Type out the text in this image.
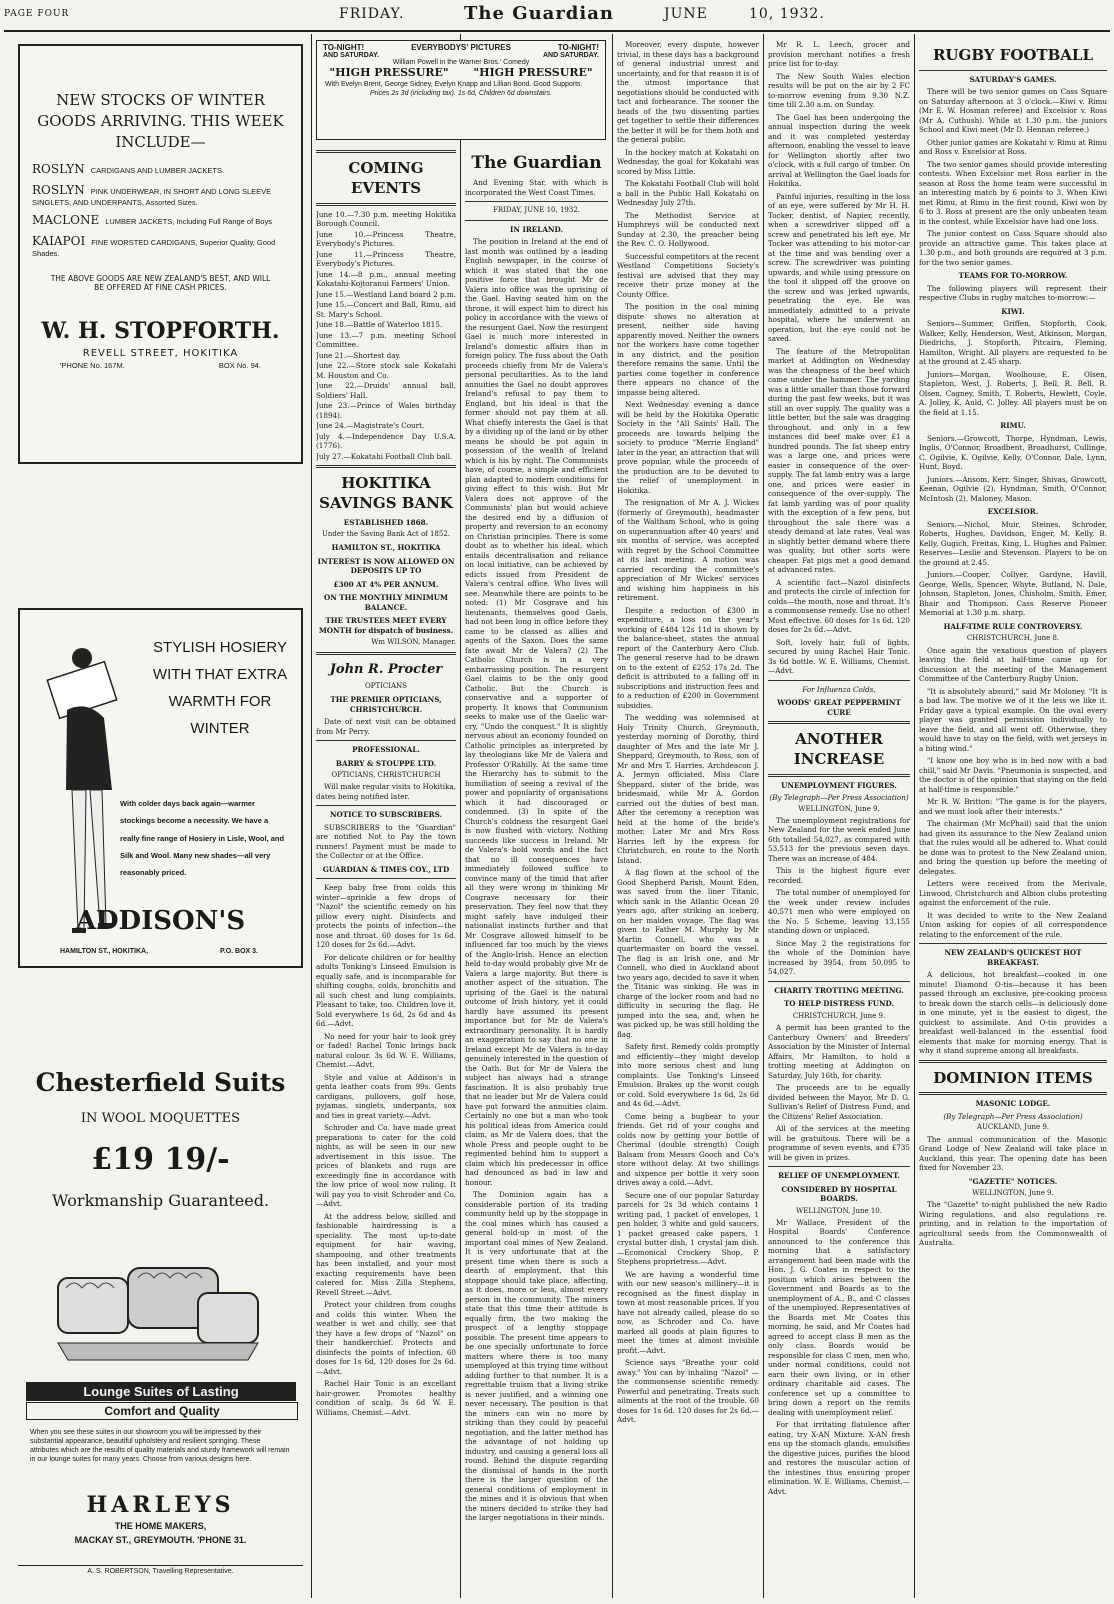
PAGE FOUR	FRIDAY.	The Guardian	JUNE	10, 1932.
NEW STOCKS OF WINTER
GOODS ARRIVING. THIS WEEK
INCLUDE—
ROSLYN CARDIGANS AND LUMBER JACKETS.
ROSLYN PINK UNDERWEAR, IN SHORT AND LONG SLEEVE SINGLETS, AND UNDERPANTS, Assorted Sizes.
MACLONE LUMBER JACKETS, Including Full Range of Boys
KAIAPOI FINE WORSTED CARDIGANS, Superior Quality, Good Shades.
THE ABOVE GOODS ARE NEW ZEALAND'S BEST, AND WILL
BE OFFERED AT FINE CASH PRICES.
W. H. STOPFORTH.
REVELL STREET, HOKITIKA
'PHONE No. 167M.	BOX No. 94.
STYLISH HOSIERY
WITH THAT EXTRA
WARMTH FOR
WINTER
With colder days back again—warmer stockings become a necessity. We have a really fine range of Hosiery in Lisle, Wool, and Silk and Wool. Many new shades—all very reasonably priced.
ADDISON'S
HAMILTON ST., HOKITIKA,	P.O. BOX 3.
Chesterfield Suits
IN WOOL MOQUETTES
£19 19/-
Workmanship Guaranteed.
Lounge Suites of Lasting
Comfort and Quality
When you see these suites in our showroom you will be impressed by their substantial appearance, beautiful upholstery and resilient springing. These attributes which are the results of quality materials and sturdy framework will remain in our lounge suites for many years. Choose from various designs here.
HARLEYS
THE HOME MAKERS,
MACKAY ST., GREYMOUTH. 'PHONE 31.
A. S. ROBERTSON, Travelling Representative.
TO-NIGHT!	EVERYBODYS' PICTURES	TO-NIGHT!
AND SATURDAY.	AND SATURDAY.
William Powell in the Warner Bros.' Comedy
"HIGH PRESSURE" "HIGH PRESSURE"
With Evelyn Brent, George Sidney, Evelyn Knapp and Lillian Bond. Good Supports.
Prices 2s 3d (including tax). 1s 6d, Children 6d downstairs.
COMING EVENTS
June 10.—7.30 p.m. meeting Hokitika Borough Council.
June 10.—Princess Theatre, Everybody's Pictures.
June 11.—Princess Theatre, Everybody's Pictures.
June 14.—8 p.m., annual meeting Kokatahi-Kojtoranui Farmers' Union.
June 15.—Westland Land board 2 p.m.
June 15.—Concert and Ball, Rimu, aid St. Mary's School.
June 18.—Battle of Waterloo 1815.
June 13.—7 p.m. meeting School Committee.
June 21.—Shortest day.
June 22.—Store stock sale Kokatahi M. Houston and Co.
June 22.—Druids' annual ball, Soldiers' Hall.
June 23.—Prince of Wales birthday (1894).
June 24.—Magistrate's Court.
July 4.—Independence Day U.S.A. (1776).
July 27.—Kokatahi Football Club ball.
HOKITIKA
SAVINGS BANK
ESTABLISHED 1868.
Under the Saving Bank Act of 1852.
HAMILTON ST., HOKITIKA
INTEREST IS NOW ALLOWED ON DEPOSITS UP TO
£300 AT 4% PER ANNUM.
ON THE MONTHLY MINIMUM BALANCE.
THE TRUSTEES MEET EVERY MONTH for dispatch of business.
Wm WILSON, Manager.
John R. Procter
OPTICIANS
THE PREMIER OPTICIANS, CHRISTCHURCH.

Date of next visit can be obtained from Mr Perry.

PROFESSIONAL.
BARRY & STOUPPE LTD.
OPTICIANS, CHRISTCHURCH

Will make regular visits to Hokitika, dates being notified later.

NOTICE TO SUBSCRIBERS.

SUBSCRIBERS to the "Guardian" are notified Not to Pay the town runners! Payment must be made to the Collector or at the Office.

GUARDIAN & TIMES COY., LTD

Keep baby free from colds this winter—sprinkle a few drops of "Nazol" the scientific remedy on his pillow every night. Disinfects and protects the points of infection—the nose and throat. 60 doses for 1s 6d. 120 doses for 2s 6d.—Advt.

For delicate children or for healthy adults Tonking's Linseed Emulsion is equally safe, and is incomparable for shifting coughs, colds, bronchitis and all such chest and lung complaints. Pleasant to take, too. Children love it. Sold everywhere 1s 6d, 2s 6d and 4s 6d.—Advt.

No need for your hair to look grey or faded! Rachel Tonic brings back natural colour. 3s 6d W. E. Williams, Chemist.—Advt.

Style and value at Addison's in genta leather coats from 99s. Gents cardigans, pullovers, golf hose, pyjamas, singlets, underpants, sox and ties in great variety.—Advt.

Schroder and Co. have made great preparations to cater for the cold nights, as will be seen in our new advertisement in this issue. The prices of blankets and rugs are exceedingly fine in accordance with the low price of wool now ruling. It will pay you to visit Schroder and Co.—Advt.

At the address below, skilled and fashionable hairdressing is a speciality. The most up-to-date equipment for hair waving, shampooing, and other treatments has been installed, and your most exacting requirements have been catered for. Miss Zilla Stephens, Revell Street.—Advt.

Protect your children from coughs and colds this winter. When the weather is wet and chilly, see that they have a few drops of "Nazol" on their handkerchief. Protects and disinfects the points of infection. 60 doses for 1s 6d, 120 doses for 2s 6d.—Advt.

Rachel Hair Tonic is an excellant hair-grower. Promotes healthy condition of scalp. 3s 6d W. E. Williams, Chemist.—Advt.

The Guardian

And Evening Star, with which is incorporated the West Coast Times.

FRIDAY, JUNE 10, 1932.
IN IRELAND.

The position in Ireland at the end of last month was outlined by a leading English newspaper, in the course of which it was stated that the one positive force that brought Mr de Valera into office was the uprising of the Gael. Having seated him on the throne, it will expect him to direct his policy in accordance with the views of the resurgent Gael. Now the resurgent Gael is much more interested in Ireland's domestic affairs than in foreign policy. The fuss about the Oath proceeds chiefly from Mr de Valera's personal peculiarities. As to the land annuities the Gael no doubt approves Ireland's refusal to pay them to England, but his ideal is that the former should not pay them at all. What chiefly interests the Gael is that by a dividing up of the land or by other means he should be put again in possession of the wealth of Ireland which is his by right. The Communists have, of course, a simple and efficient plan adapted to modern conditions for giving effect to this wish. But Mr Valera does not approve of the Communists' plan but would achieve the desired end by a diffusion of property and reversion to an economy on Christian principles. There is some doubt as to whether his ideal, which entails decentralisation and reliance on local initiative, can be achieved by edicts issued from President de Valera's central office. Who lives will see. Meanwhile there are points to be noted: (1) Mr Cosgrave and his lieutenants, themselves good Gaels, had not been long in office before they came to be classed as allies and agents of the Saxon. Does the same fate await Mr de Valera? (2) The Catholic Church is in a very embarrassing position. The resurgent Gael claims to be the only good Catholic. But the Church is conservative and a supporter of property. It knows that Communism seeks to make use of the Gaelic war-cry, "Undo the conquest." It is slightly nervous about an economy founded on Catholic principles as interpreted by lay theologians like Mr de Valera and Professor O'Rahilly. At the same time the Hierarchy has to submit to the humiliation of seeing a revival of the power and popularity of organisations which it had discouraged or condemned. (3) In spite of the Church's coldness the resurgent Gael is now flushed with victory. Nothing succeeds like success in Ireland. Mr de Valera's bold words and the fact that no ill consequences have immediately followed suffice to convince many of the timid that after all they were wrong in thinking Mr Cosgrave necessary for their preservation. They feel now that they might safely have indulged their nationalist instincts further and that Mr Cosgrave allowed himself to be influenced far too much by the views of the Anglo-Irish. Hence an election held to-day would probably give Mr de Valera a large majority. But there is another aspect of the situation. The uprising of the Gael is the natural outcome of Irish history, yet it could hardly have assumed its present importance but for Mr de Valera's extraordinary personality. It is hardly an exaggeration to say that no one in Ireland except Mr de Valera is to-day genuinely interested in the question of the Oath. But for Mr de Valera the subject has always had a strange fascination. It is also probably true that no leader but Mr de Valera could have put forward the annuities claim. Certainly no one but a man who took his political ideas from America could claim, as Mr de Valera does, that the whole Press and people ought to be regimented behind him to support a claim which his predecessor in office had denounced as bad in law and honour.

The Dominion again has a considerable portion of its trading community held up by the stoppage in the coal mines which has caused a general hold-up in most of the important coal mines of New Zealand. It is very unfortunate that at the present time when there is such a dearth of employment, that this stoppage should take place, affecting, as it does, more or less, almost every person in the community. The miners state that this time their attitude is equally firm, the two making the prospect of a lengthy stoppage possible. The present time appears to be one specially unfortunate to force matters where there is too many unemployed at this trying time without adding further to that number. It is a regrettable truism that a living strike is never justified, and a winning one never necessary. The position is that the miners can win no more by striking than they could by peaceful negotiation, and the latter method has the advantage of not holding up industry, and causing a general loss all round. Behind the dispute regarding the dismissal of hands in the north there is the larger question of the general conditions of employment in the mines and it is obvious that when the miners decided to strike they had the larger negotiations in their minds.

Moreover, every dispute, however trivial, in these days has a background of general industrial unrest and uncertainty, and for that reason it is of the utmost importance that negotiations should be conducted with tact and forbearance. The sooner the heads of the two dissenting parties get together to settle their differences the better it will be for them both and the general public.

In the hockey match at Kokatahi on Wednesday, the goal for Kokatahi was scored by Miss Little.

The Kokatahi Football Club will hold a ball in the Public Hall Kokatahi on Wednesday July 27th.

The Methodist Service at Humphreys will be conducted next Sunday at 2.30, the preacher being the Rev. C. O. Hollywood.

Successful competitors at the recent Westland Competitions Society's festival are advised that they may receive their prize money at the County Office.

The position in the coal mining dispute shows no alteration at present, neither side having apparently moved. Neither the owners nor the workers have come together in any district, and the position therefore remains the same. Until the parties come together in conference there appears no chance of the impasse being altered.

Next Wednesday evening a dance will be held by the Hokitika Operatic Society in the "All Saints' Hall. The proceeds are towards helping the society to produce "Merrie England" later in the year, an attraction that will prove popular, while the proceeds of the production are to be devoted to the relief of unemployment in Hokitika.

The resignation of Mr A. J. Wickes (formerly of Greymouth), headmaster of the Waltham School, who is going on superannuation after 40 years' and six months of service, was accepted with regret by the School Committee at its last meeting. A motion was carried recording the committee's appreciation of Mr Wickes' services and wishing him happiness in his retirement.

Despite a reduction of £300 in expenditure, a loss on the year's working of £484 12s 11d is shown by the balance-sheet, states the annual report of the Canterbury Aero Club. The general reserve had to be drawn on to the extent of £252 17s 2d. The deficit is attributed to a falling off in subscriptions and instruction fees and to a reduction of £200 in Government subsidies.

The wedding was solemnised at Holy Trinity Church, Greymouth, yesterday morning of Dorothy, third daughter of Mrs and the late Mr J. Sheppard, Greymouth, to Ross, son of Mr and Mrs T. Harries. Archdeacon J. A. Jermyn officiated. Miss Clare Sheppard, sister of the bride, was bridesmaid, while Mr A. Gordon carried out the duties of best man. After the ceremony a reception was held at the home of the bride's mother. Later Mr and Mrs Ross Harries left by the express for Christchurch, en route to the North Island.

A flag flown at the school of the Good Shepherd Parish, Mount Eden, was saved from the liner Titanic, which sank in the Atlantic Ocean 20 years ago, after striking an iceberg, on her maiden voyage. The flag was given to Father M. Murphy by Mr Martin Connell, who was a quartermaster on board the vessel. The flag is an Irish one, and Mr Connell, who died in Auckland about two years ago, decided to save it when the Titanic was sinking. He was in charge of the locker room and had no difficulty in securing the flag. He jumped into the sea, and, when he was picked up, he was still holding the flag.

Safety first. Remedy colds promptly and efficiently—they might develop into more serious chest and lung complaints. Use Tonking's Linseed Emulsion. Brakes up the worst cough or cold. Sold everywhere 1s 6d, 2s 6d and 4s 6d.—Advt.

Come being a bugbear to your friends. Get rid of your coughs and colds now by getting your bottle of Cherimal (double strength) Cough Balsam from Messrs Gooch and Co's store without delay. At two shillings and sixpence per bottle it very soon drives away a cold.—Advt.

Secure one of our popular Saturday parcels for 2s 3d which contains 1 writing pad, 1 packet of envelopes, 1 pen holder, 3 white and gold saucers, 1 packet greased cake papers, 1 crystal butter dish, 1 crystal jam dish.—Ecomonical Crockery Shop, P. Stephens proprietress.—Advt.

We are having a wonderful time with our new season's millinery—it is recognised as the finest display in town at most reasonable prices. If you have not already called, please do so now, as Schroder and Co. have marked all goods at plain figures to meet the times at almost invisible profit.—Advt.

Science says "Breathe your cold away." You can by inhaling "Nazol" —the commonsense scientific remedy. Powerful and penetrating. Treats such ailments at the root of the trouble. 60 doses for 1s 6d. 120 doses for 2s 6d.—Advt.

Mr R. L. Leech, grocer and provision merchant notifies a fresh price list for to-day.

The New South Wales election results will be put on the air by 2 FC to-morrow evening from 9.30 N.Z. time till 2.30 a.m. on Sunday.

The Gael has been undergoing the annual inspection during the week and it was completed yesterday afternoon, enabling the vessel to leave for Wellington shortly after two o'clock, with a full cargo of timber. On arrival at Wellington the Gael loads for Hokitika.

Painful injuries, resulting in the loss of an eye, were suffered by Mr H. H. Tocker, dentist, of Napier, recently, when a screwdriver slipped off a screw and penetrated his left eye. Mr Tocker was attending to his motor-car at the time and was bending over a screw. The screwdriver was pointing upwards, and while using pressure on the tool it slipped off the groove on the screw and was jerked upwards, penetrating the eye. He was immediately admitted to a private hospital, where he underwent an operation, but the eye could not be saved.

The feature of the Metropolitan market at Addington on Wednesday was the cheapness of the beef which came under the hammer. The yarding was a little smaller than those forward during the past few weeks, but it was still an over supply. The quality was a little better, but the sale was dragging throughout, and only in a few instances did beef make over £1 a hundred pounds. The fat sheep entry was a large one, and prices were easier in consequence of the over-supply. The fat lamb entry was a large one, and prices were easier in consequence of the over-supply. The fat lamb yarding was of poor quality with the exception of a few pens, but throughout the sale there was a steady demand at late rates. Veal was in slightly better demand where there was quality, but other sorts were cheaper. Fat pigs met a good demand at advanced rates.

A scientific fact—Nazol disinfects and protects the circle of infection for colds—the mouth, nose and throat. It's a commonsense remedy. Use no other! Most effective. 60 doses for 1s 6d. 120 doses for 2s 6d.—Advt.

Soft, lovely hair, full of lights, secured by using Rachel Hair Tonic. 3s 6d bottle. W. E. Williams, Chemist.—Advt.

For Influenza Colds,
WOODS' GREAT PEPPERMINT CURE
ANOTHER INCREASE
UNEMPLOYMENT FIGURES.
(By Telegraph—Per Press Association)
WELLINGTON, June 9.

The unemployment registrations for New Zealand for the week ended June 6th totalled 54,027, as compared with 53,513 for the previous seven days. There was an increase of 484.

This is the highest figure ever recorded.

The total number of unemployed for the week under review includes 40,571 men who were employed on the No. 5 Scheme, leaving 13,155 standing down or unplaced.

Since May 2 the registrations for the whole of the Dominion have increased by 3954, from 50,095 to 54,027.

CHARITY TROTTING MEETING.
TO HELP DISTRESS FUND.
CHRISTCHURCH, June 9.

A permit has been granted to the Canterbury Owners' and Breeders' Association by the Minister of Internal Affairs, Mr Hamilton, to hold a trotting meeting at Addington on Saturday, July 16th, for charity.

The proceeds are to be equally divided between the Mayor, Mr D. G. Sullivan's Relief of Distress Fund, and the Citizens' Relief Association.

All of the services at the meeting will be gratuitous. There will be a programme of seven events, and £735 will be given in prizes.

RELIEF OF UNEMPLOYMENT.
CONSIDERED BY HOSPITAL BOARDS.
WELLINGTON, June 10.

Mr Wallace, President of the Hospital Boards' Conference announced to the conference this morning that a satisfactory arrangement had been made with the Hon. J. G. Coates in respect to the position which arises between the Government and Boards as to the unemployment of A., B., and C classes of the unemployed. Representatives of the Boards met Mr Coates this morning, he said, and Mr Coates had agreed to accept class B men as the only class. Boards would be responsible for class C men, men who, under normal conditions, could not earn their own living, or in other ordinary charitable aid cases. The conference set up a committee to bring down a report on the remits dealing with unemployment relief.

For that irritating flatulence after eating, try X-AN Mixture. X-AN fresh ens up the stomach glands, emulsifies the digestive juices, purifies the blood and restores the muscular action of the intestines thus ensuring proper elimination. W. E. Williams, Chemist.—Advt.

RUGBY FOOTBALL
SATURDAY'S GAMES.

There will be two senior games on Cass Square on Saturday afternoon at 3 o'clock.—Kiwi v. Rimu (Mr E. W. Hosman referee) and Excelsior v. Ross (Mr A. Cuthush). While at 1.30 p.m. the juniors School and Kiwi meet (Mr D. Hennan referee.)

Other junior games are Kokatahi v. Rimu at Rimu and Ross v. Excelsior at Ross.

The two senior games should provide interesting contests. When Excelsior met Ross earlier in the season at Ross the home team were successful in an interesting match by 6 points to 3. When Kiwi met Rimu, at Rimu in the first round, Kiwi won by 6 to 3. Ross at present are the only unbeaten team in the contest, while Excelsior have had one loss.

The junior contest on Cass Square should also provide an attractive game. This takes place at 1.30 p.m., and both grounds are required at 3 p.m. for the two senior games.

TEAMS FOR TO-MORROW.

The following players will represent their respective Clubs in rugby matches to-morrow:—

KIWI.

Seniors—Summer, Griffen, Stopforth, Cook, Walker, Kelly, Henderson, West, Atkinson, Morgan, Diedrichs, J. Stopforth, Pitcaira, Fleming, Hamilton, Wright. All players are requested to be at the ground at 2.45 sharp.

Juniors—Morgan, Woolhouse, E. Olsen, Stapleton, West, J. Roberts, J. Bell, R. Bell, R. Olsen, Cagney, Smith, T. Roberts, Hewlett, Coyle, A. Jolley, K. Auld, C. Jolley. All players must be on the field at 1.15.

RIMU.

Seniors.—Growcott, Thorpe, Hyndman, Lewis, Inglis, O'Connor, Broadbent, Broadhurst, Cullinge, C. Ogilvie, K. Ogilvie, Kelly, O'Connor, Dale, Lynn, Hunt, Boyd.

Juniors.—Ansom, Kerr, Singer, Shivas, Growcott, Keenan, Ogilvie (2), Hyndman, Smith, O'Connor, McIntosh (2), Maloney, Mason.

EXCELSIOR.

Seniors.—Nichol, Muir, Steines, Schroder, Roberts, Hughes, Davidson, Enger, M. Kelly, B. Kelly, Gugich, Freitas, King, L. Hughes and Palmer. Reserves—Leslie and Stevenson. Players to be on the ground at 2.45.

Juniors.—Cooper, Collyer, Gardyne, Havill, George, Wells, Spencer, Whyte, Butland, N. Dale, Johnson, Stapleton, Jones, Chisholm, Smith, Emer, Bhair and Thompson. Cass Reserve Pioneer Memorial at 1.30 p.m. sharp.

HALF-TIME RULE CONTROVERSY.
CHRISTCHURCH, June 8.

Once again the vexatious question of players leaving the field at half-time came up for discussion at the meeting of the Management Committee of the Canterbury Rugby Union.

"It is absolutely absurd," said Mr Moloney. "It is a bad law. The motive we of it the less we like it. Friday gave a typical example. On the oval every player was granted permission individually to leave the field, and all went off. Otherwise, they would have to stay on the field, with wet jerseys in a biting wind."

"I know one boy who is in bed now with a bad chill," said Mr Davis. "Pneumonia is suspected, and the doctor is of the opinion that staying on the field at half-time is responsible."

Mr R. W. Britton: "The game is for the players, and we must look after their interests."

The chairman (Mr McPhail) said that the union had given its assurance to the New Zealand union that the rules would all be adhered to. What could be done was to protest to the New Zealand union, and bring the question up before the meeting of delegates.

Letters were received from the Merivale, Linwood, Christchurch and Albion clubs protesting against the enforcement of the rule.

It was decided to write to the New Zealand Union asking for copies of all correspondence relating to the enforcement of the rule.

NEW ZEALAND'S QUICKEST HOT BREAKFAST.

A delicious, hot breakfast—cooked in one minute! Diamond O-tis—because it has been passed through an exclusive, pre-cooking process to break down the starch cells—is deliciously done in one minute, yet is the easiest to digest, the quickest to assimilate. And O-tis provides a breakfast well-balanced in the essential food elements that make for morning energy. That is why it stand supreme among all breakfasts.

DOMINION ITEMS
MASONIC LODGE.
(By Telegraph—Per Press Association)
AUCKLAND, June 9.

The annual communication of the Masonic Grand Lodge of New Zealand will take place in Auckland, this year. The opening date has been fixed for November 23.

"GAZETTE" NOTICES.
WELLINGTON, June 9.

The "Gazette" to-night published the new Radio Wiring regulations, and also regulations re. printing, and in relation to the importation of agricultural seeds from the Commonwealth of Australia.
